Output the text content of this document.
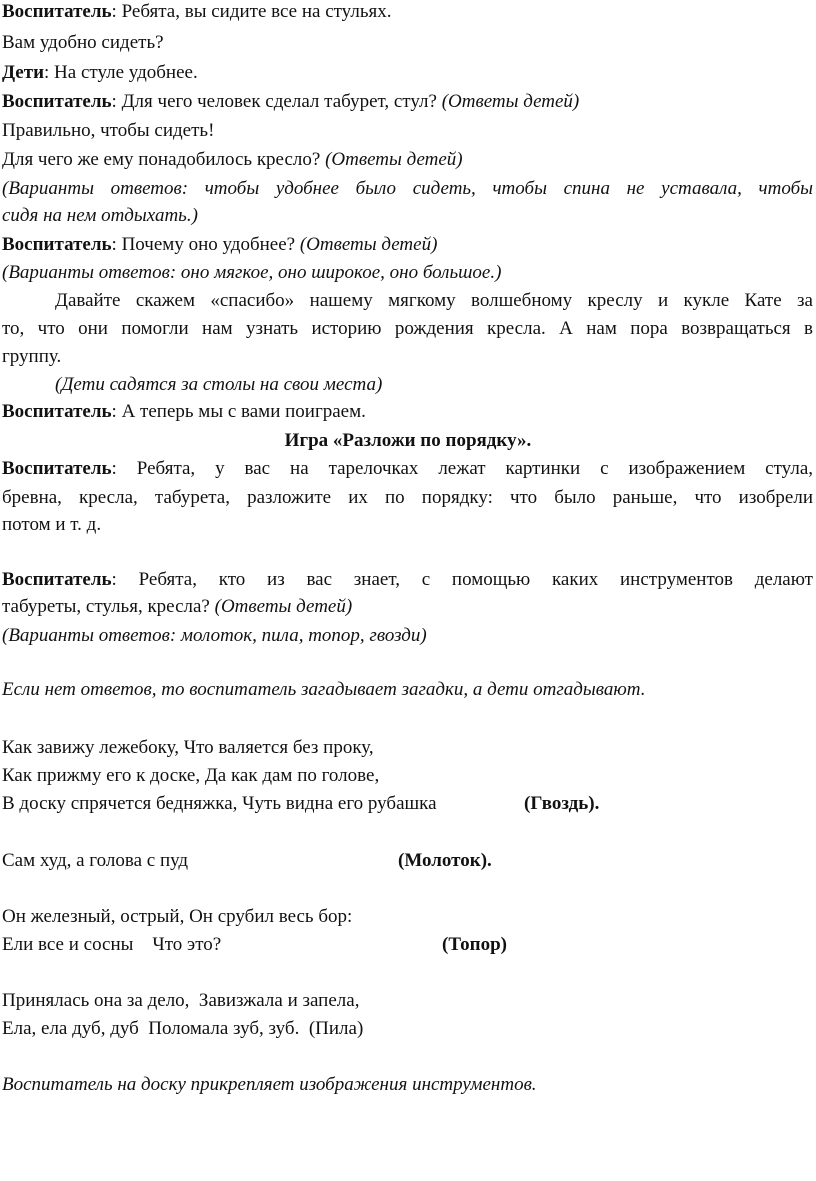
Воспитатель: Ребята, вы сидите все на стульях.
Вам удобно сидеть?
Дети: На стуле удобнее.
Воспитатель: Для чего человек сделал табурет, стул? (Ответы детей)
Правильно, чтобы сидеть!
Для чего же ему понадобилось кресло? (Ответы детей)
(Варианты ответов: чтобы удобнее было сидеть, чтобы спина не уставала, чтобы
сидя на нем отдыхать.)
Воспитатель: Почему оно удобнее? (Ответы детей)
(Варианты ответов: оно мягкое, оно широкое, оно большое.)
Давайте скажем «спасибо» нашему мягкому волшебному креслу и кукле Кате за
то, что они помогли нам узнать историю рождения кресла. А нам пора возвращаться в
группу.
(Дети садятся за столы на свои места)
Воспитатель: А теперь мы с вами поиграем.
Игра «Разложи по порядку».
Воспитатель: Ребята, у вас на тарелочках лежат картинки с изображением стула,
бревна, кресла, табурета, разложите их по порядку: что было раньше, что изобрели
потом и т. д.
Воспитатель: Ребята, кто из вас знает, с помощью каких инструментов делают
табуреты, стулья, кресла? (Ответы детей)
(Варианты ответов: молоток, пила, топор, гвозди)
Если нет ответов, то воспитатель загадывает загадки, а дети отгадывают.
Как завижу лежебоку, Что валяется без проку,
Как прижму его к доске, Да как дам по голове,
В доску спрячется бедняжка, Чуть видна его рубашка	(Гвоздь).
Сам худ, а голова с пуд	(Молоток).
Он железный, острый, Он срубил весь бор:
Ели все и сосны    Что это?	(Топор)
Принялась она за дело,  Завизжала и запела,
Ела, ела дуб, дуб  Поломала зуб, зуб.  (Пила)
Воспитатель на доску прикрепляет изображения инструментов.
